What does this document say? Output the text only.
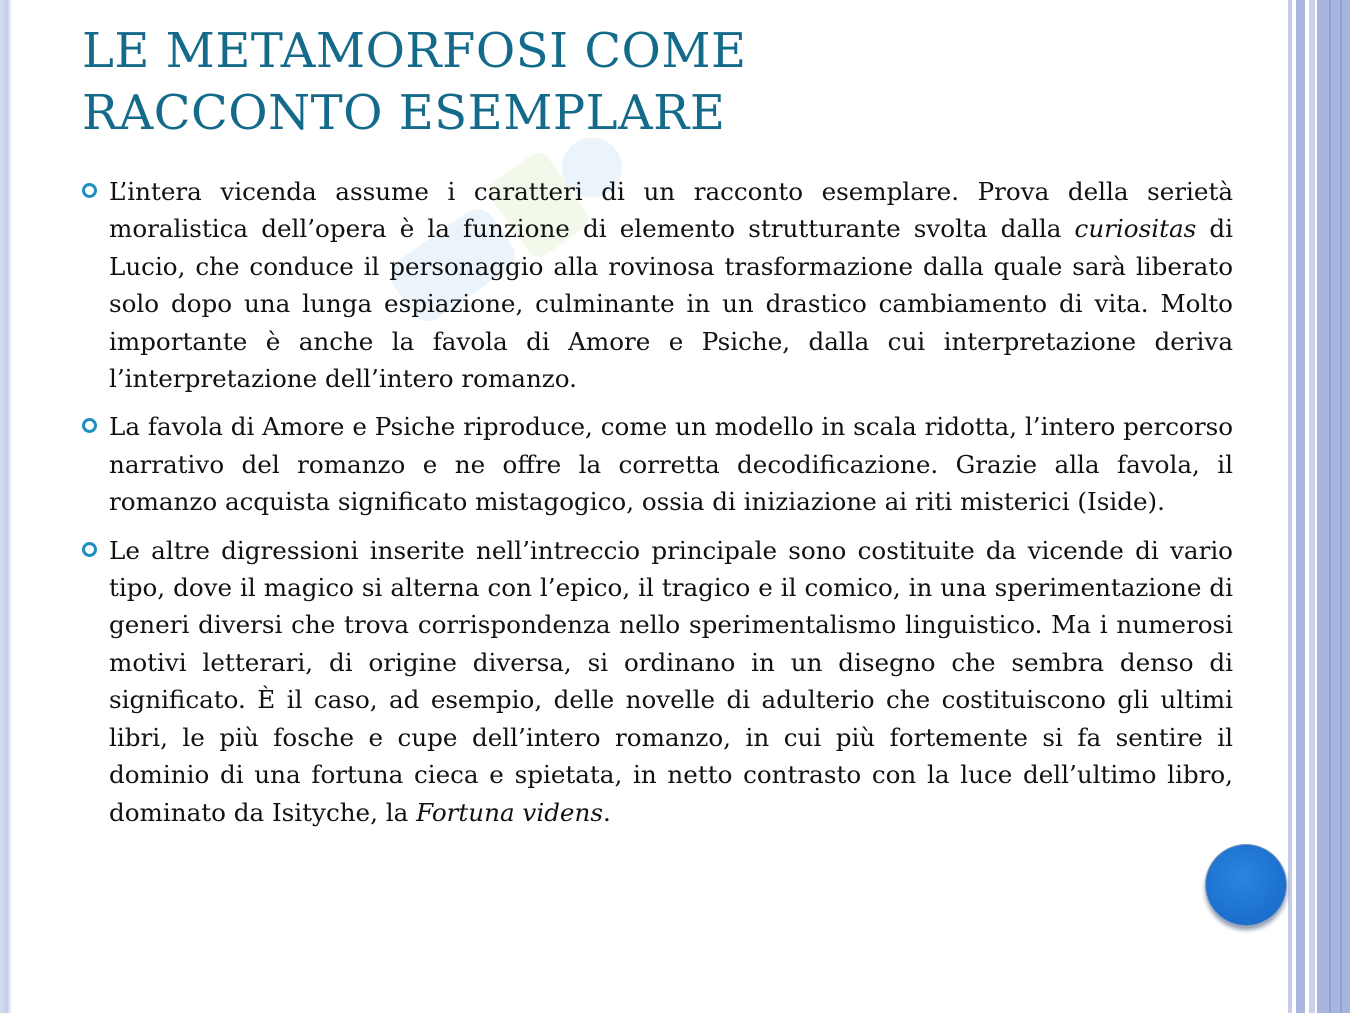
LE METAMORFOSI COME
RACCONTO ESEMPLARE
L’intera vicenda assume i caratteri di un racconto esemplare. Prova della serietà moralistica dell’opera è la funzione di elemento strutturante svolta dalla curiositas di Lucio, che conduce il personaggio alla rovinosa trasformazione dalla quale sarà liberato solo dopo una lunga espiazione, culminante in un drastico cambiamento di vita. Molto importante è anche la favola di Amore e Psiche, dalla cui interpretazione deriva l’interpretazione dell’intero romanzo.
La favola di Amore e Psiche riproduce, come un modello in scala ridotta, l’intero percorso narrativo del romanzo e ne offre la corretta decodificazione. Grazie alla favola, il romanzo acquista significato mistagogico, ossia di iniziazione ai riti misterici (Iside).
Le altre digressioni inserite nell’intreccio principale sono costituite da vicende di vario tipo, dove il magico si alterna con l’epico, il tragico e il comico, in una sperimentazione di generi diversi che trova corrispondenza nello sperimentalismo linguistico. Ma i numerosi motivi letterari, di origine diversa, si ordinano in un disegno che sembra denso di significato. È il caso, ad esempio, delle novelle di adulterio che costituiscono gli ultimi libri, le più fosche e cupe dell’intero romanzo, in cui più fortemente si fa sentire il dominio di una fortuna cieca e spietata, in netto contrasto con la luce dell’ultimo libro, dominato da Isityche, la Fortuna videns.
